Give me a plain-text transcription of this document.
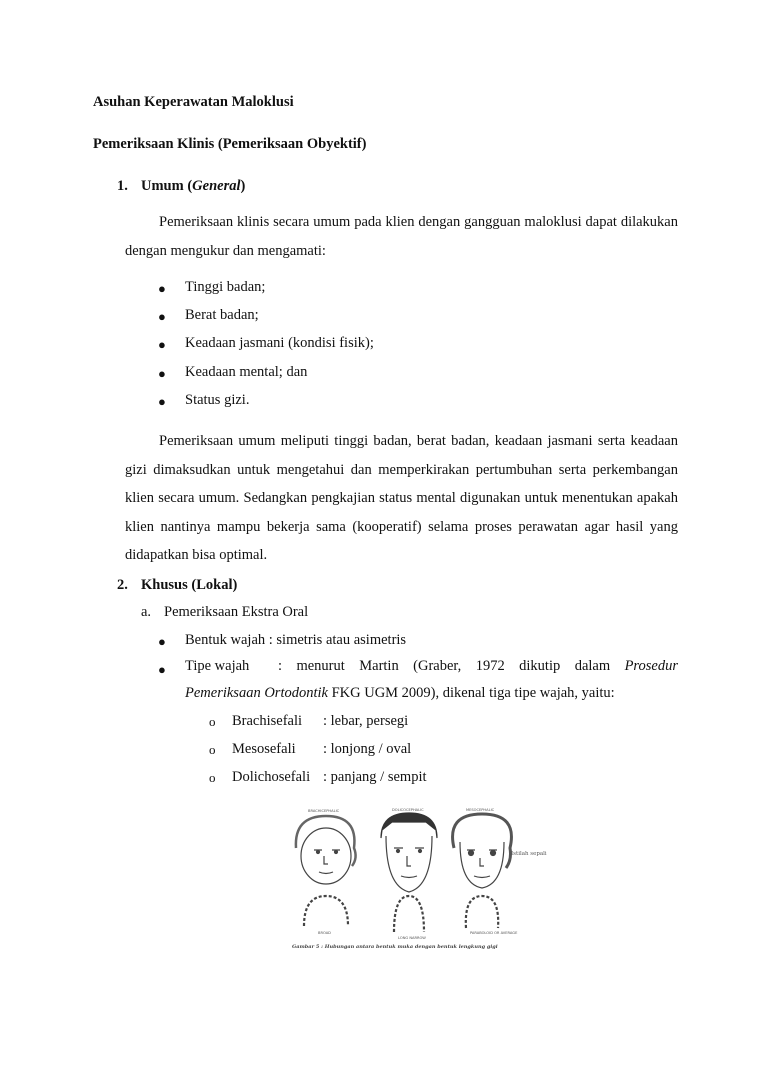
Asuhan Keperawatan Maloklusi
Pemeriksaan Klinis (Pemeriksaan Obyektif)
1. Umum (General)
Pemeriksaan klinis secara umum pada klien dengan gangguan maloklusi dapat dilakukan dengan mengukur dan mengamati:
● Tinggi badan;
● Berat badan;
● Keadaan jasmani (kondisi fisik);
● Keadaan mental; dan
● Status gizi.
Pemeriksaan umum meliputi tinggi badan, berat badan, keadaan jasmani serta keadaan gizi dimaksudkan untuk mengetahui dan memperkirakan pertumbuhan serta perkembangan klien secara umum. Sedangkan pengkajian status mental digunakan untuk menentukan apakah klien nantinya mampu bekerja sama (kooperatif) selama proses perawatan agar hasil yang didapatkan bisa optimal.
2. Khusus (Lokal)
a. Pemeriksaan Ekstra Oral
● Bentuk wajah : simetris atau asimetris
● Tipe wajah : menurut Martin (Graber, 1972 dikutip dalam Prosedur
Pemeriksaan Ortodontik FKG UGM 2009), dikenal tiga tipe wajah, yaitu:
o Brachisefali : lebar, persegi
o Mesosefali : lonjong / oval
o Dolichosefali : panjang / sempit
BRACHICEPHALIC	DOLICOCEPHALIC	MESOCEPHALIC
BROAD
LONG NARROW
PARABOLOID OR AVERAGE
Istilah sepali
Gambar 5 : Hubungan antara bentuk muka dengan bentuk lengkung gigi
